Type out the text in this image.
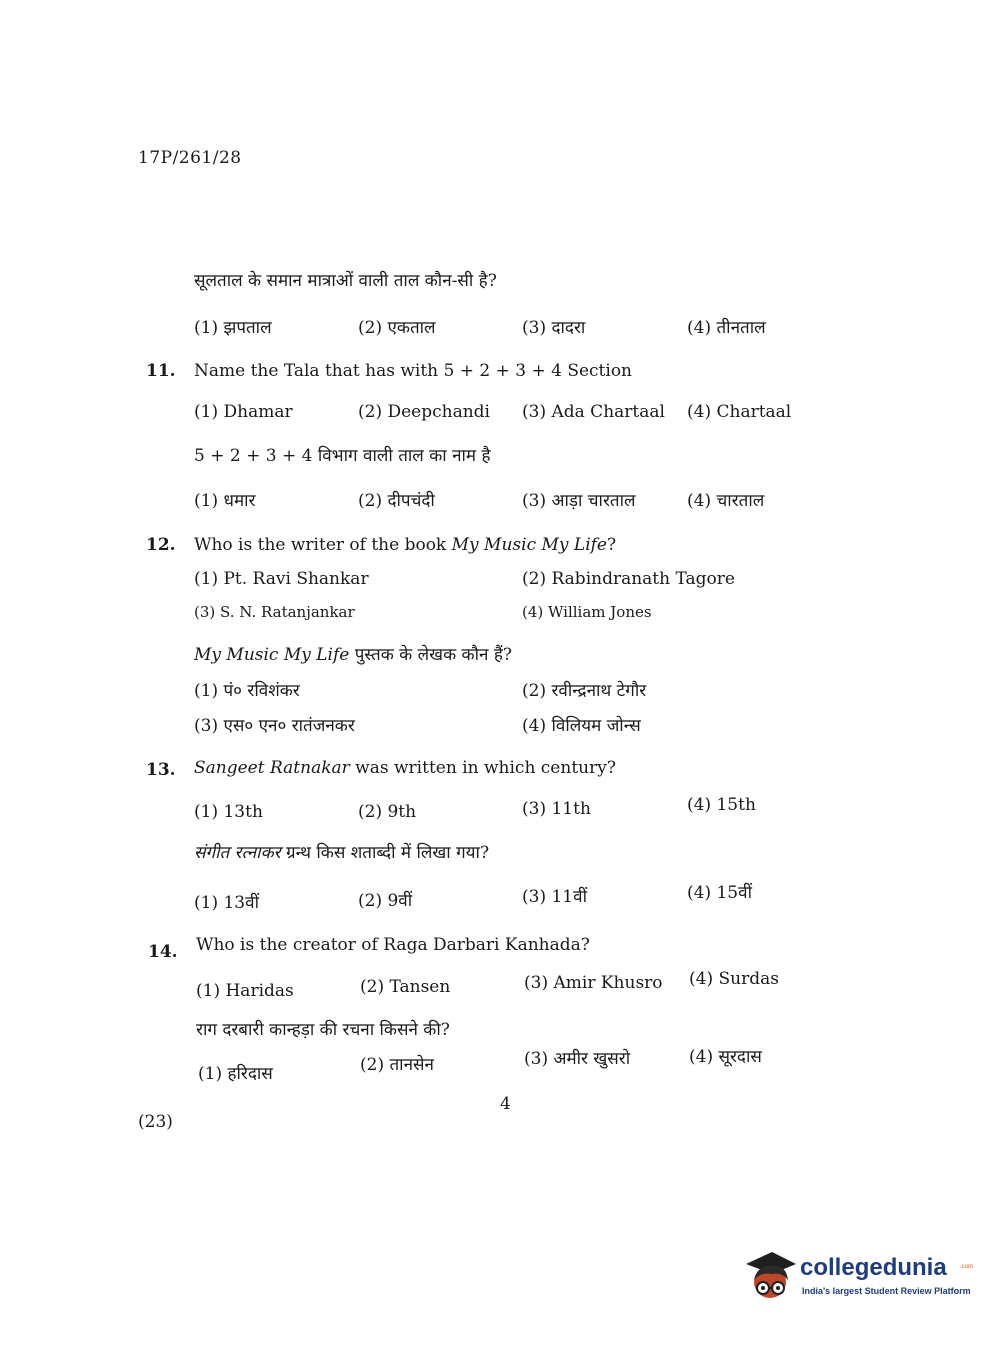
17P/261/28
सूलताल के समान मात्राओं वाली ताल कौन-सी है?
(1) झपताल	(2) एकताल	(3) दादरा	(4) तीनताल
11. Name the Tala that has with 5 + 2 + 3 + 4 Section
(1) Dhamar	(2) Deepchandi (3) Ada Chartaal (4) Chartaal
5 + 2 + 3 + 4 विभाग वाली ताल का नाम है
(1) धमार	(2) दीपचंदी	(3) आड़ा चारताल	(4) चारताल
12. Who is the writer of the book My Music My Life?
(1) Pt. Ravi Shankar	(2) Rabindranath Tagore
(3) S. N. Ratanjankar	(4) William Jones
My Music My Life पुस्तक के लेखक कौन हैं?
(1) पं० रविशंकर	(2) रवीन्द्रनाथ टेगौर
(3) एस० एन० रातंजनकर	(4) विलियम जोन्स
13. Sangeet Ratnakar was written in which century?
(1) 13th	(2) 9th	(3) 11th	(4) 15th
संगीत रत्नाकर ग्रन्थ किस शताब्दी में लिखा गया?
(1) 13वीं	(2) 9वीं	(3) 11वीं	(4) 15वीं
14. Who is the creator of Raga Darbari Kanhada?
(1) Haridas	(2) Tansen	(3) Amir Khusro (4) Surdas
राग दरबारी कान्हड़ा की रचना किसने की?
(1) हरिदास	(2) तानसेन	(3) अमीर खुसरो	(4) सूरदास
4
(23)
collegedunia .com
India's largest Student Review Platform
